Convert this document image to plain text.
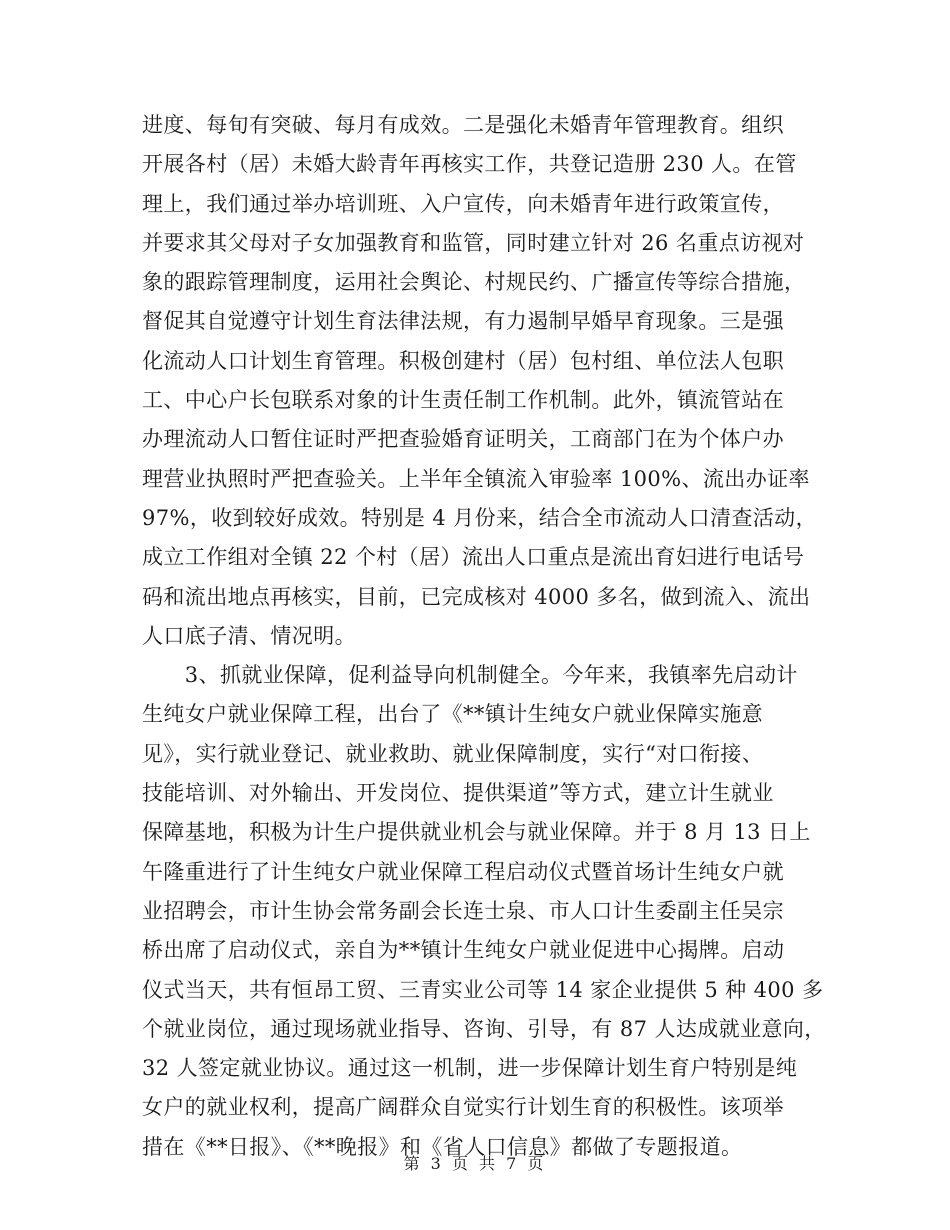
进度、每旬有突破、每月有成效。二是强化未婚青年管理教育。组织
开展各村（居）未婚大龄青年再核实工作，共登记造册 230 人。在管
理上，我们通过举办培训班、入户宣传，向未婚青年进行政策宣传，
并要求其父母对子女加强教育和监管，同时建立针对 26 名重点访视对
象的跟踪管理制度，运用社会舆论、村规民约、广播宣传等综合措施，
督促其自觉遵守计划生育法律法规，有力遏制早婚早育现象。三是强
化流动人口计划生育管理。积极创建村（居）包村组、单位法人包职
工、中心户长包联系对象的计生责任制工作机制。此外，镇流管站在
办理流动人口暂住证时严把查验婚育证明关，工商部门在为个体户办
理营业执照时严把查验关。上半年全镇流入审验率 100%、流出办证率
97%，收到较好成效。特别是 4 月份来，结合全市流动人口清查活动，
成立工作组对全镇 22 个村（居）流出人口重点是流出育妇进行电话号
码和流出地点再核实，目前，已完成核对 4000 多名，做到流入、流出
人口底子清、情况明。
　　3、抓就业保障，促利益导向机制健全。今年来，我镇率先启动计
生纯女户就业保障工程，出台了《**镇计生纯女户就业保障实施意
见》，实行就业登记、就业救助、就业保障制度，实行“对口衔接、
技能培训、对外输出、开发岗位、提供渠道”等方式，建立计生就业
保障基地，积极为计生户提供就业机会与就业保障。并于 8 月 13 日上
午隆重进行了计生纯女户就业保障工程启动仪式暨首场计生纯女户就
业招聘会，市计生协会常务副会长连士泉、市人口计生委副主任吴宗
桥出席了启动仪式，亲自为**镇计生纯女户就业促进中心揭牌。启动
仪式当天，共有恒昂工贸、三青实业公司等 14 家企业提供 5 种 400 多
个就业岗位，通过现场就业指导、咨询、引导，有 87 人达成就业意向，
32 人签定就业协议。通过这一机制，进一步保障计划生育户特别是纯
女户的就业权利，提高广阔群众自觉实行计划生育的积极性。该项举
措在《**日报》、《**晚报》和《省人口信息》都做了专题报道。
第 3 页 共 7 页
